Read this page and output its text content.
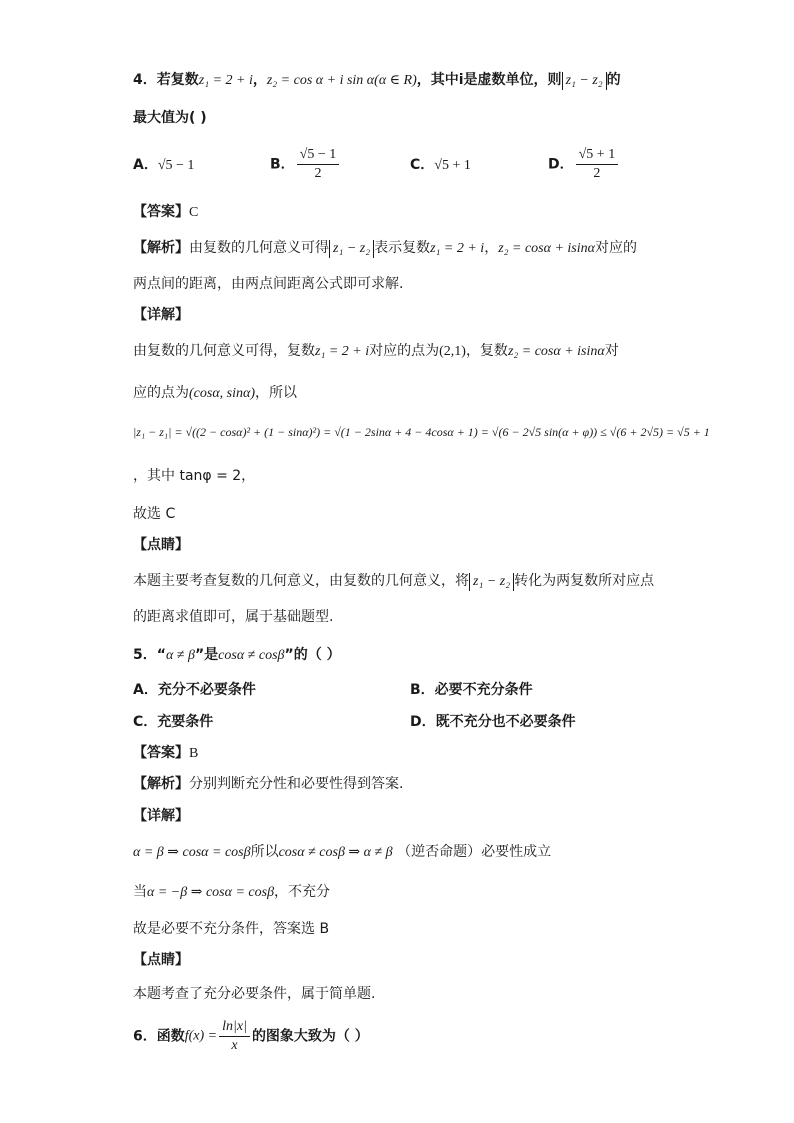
4．若复数z₁ = 2 + i，z₂ = cos α + i sin α(α ∈ R)，其中i是虚数单位，则 z₁ − z₂ 的
最大值为( )
A．√5 − 1	B． $\frac{√5 - 1}{2}$	C．√5 + 1	D． $\frac{√5 + 1}{2}$
【答案】C
【解析】由复数的几何意义可得 z₁ − z₂ 表示复数z₁ = 2 + i，z₂ = cosα + isinα对应的
两点间的距离，由两点间距离公式即可求解.
【详解】
由复数的几何意义可得，复数z₁ = 2 + i对应的点为(2,1)，复数z₂ = cosα + isinα对
应的点为(cosα, sinα)，所以
|z₁ − z₁| = √((2 − cosα)² + (1 − sinα)²) = √(1 − 2sinα + 4 − 4cosα + 1) = √(6 − 2√5 sin(α + φ)) ≤ √(6 + 2√5) = √5 + 1
，其中 tanφ = 2，
故选 C
【点睛】
本题主要考查复数的几何意义，由复数的几何意义，将 z₁ − z₂ 转化为两复数所对应点
的距离求值即可，属于基础题型.
5．“α ≠ β”是cosα ≠ cosβ”的（ ）
A．充分不必要条件	B．必要不充分条件
C．充要条件	D．既不充分也不必要条件
【答案】B
【解析】分别判断充分性和必要性得到答案.
【详解】
α = β ⇒ cosα = cosβ所以cosα ≠ cosβ ⇒ α ≠ β （逆否命题）必要性成立
当α = −β ⇒ cosα = cosβ，不充分
故是必要不充分条件，答案选 B
【点睛】
本题考查了充分必要条件，属于简单题.
6．函数$f(x) = \frac{\ln|x|}{x}$ 的图象大致为（ ）
